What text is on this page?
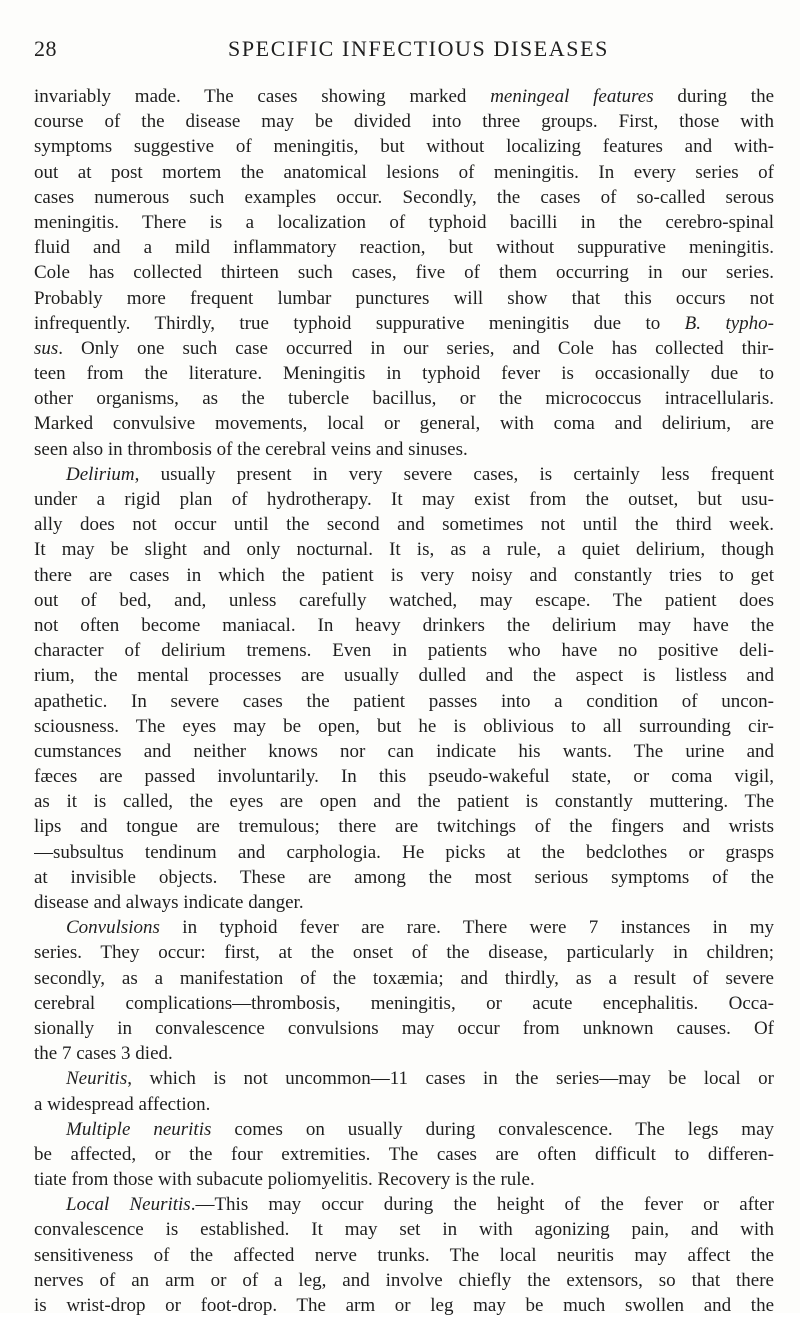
28	SPECIFIC INFECTIOUS DISEASES
invariably made. The cases showing marked meningeal features during the
course of the disease may be divided into three groups. First, those with
symptoms suggestive of meningitis, but without localizing features and with-
out at post mortem the anatomical lesions of meningitis. In every series of
cases numerous such examples occur. Secondly, the cases of so-called serous
meningitis. There is a localization of typhoid bacilli in the cerebro-spinal
fluid and a mild inflammatory reaction, but without suppurative meningitis.
Cole has collected thirteen such cases, five of them occurring in our series.
Probably more frequent lumbar punctures will show that this occurs not
infrequently. Thirdly, true typhoid suppurative meningitis due to B. typho-
sus. Only one such case occurred in our series, and Cole has collected thir-
teen from the literature. Meningitis in typhoid fever is occasionally due to
other organisms, as the tubercle bacillus, or the micrococcus intracellularis.
Marked convulsive movements, local or general, with coma and delirium, are
seen also in thrombosis of the cerebral veins and sinuses.
Delirium, usually present in very severe cases, is certainly less frequent
under a rigid plan of hydrotherapy. It may exist from the outset, but usu-
ally does not occur until the second and sometimes not until the third week.
It may be slight and only nocturnal. It is, as a rule, a quiet delirium, though
there are cases in which the patient is very noisy and constantly tries to get
out of bed, and, unless carefully watched, may escape. The patient does
not often become maniacal. In heavy drinkers the delirium may have the
character of delirium tremens. Even in patients who have no positive deli-
rium, the mental processes are usually dulled and the aspect is listless and
apathetic. In severe cases the patient passes into a condition of uncon-
sciousness. The eyes may be open, but he is oblivious to all surrounding cir-
cumstances and neither knows nor can indicate his wants. The urine and
fæces are passed involuntarily. In this pseudo-wakeful state, or coma vigil,
as it is called, the eyes are open and the patient is constantly muttering. The
lips and tongue are tremulous; there are twitchings of the fingers and wrists
—subsultus tendinum and carphologia. He picks at the bedclothes or grasps
at invisible objects. These are among the most serious symptoms of the
disease and always indicate danger.
Convulsions in typhoid fever are rare. There were 7 instances in my
series. They occur: first, at the onset of the disease, particularly in children;
secondly, as a manifestation of the toxæmia; and thirdly, as a result of severe
cerebral complications—thrombosis, meningitis, or acute encephalitis. Occa-
sionally in convalescence convulsions may occur from unknown causes. Of
the 7 cases 3 died.
Neuritis, which is not uncommon—11 cases in the series—may be local or
a widespread affection.
Multiple neuritis comes on usually during convalescence. The legs may
be affected, or the four extremities. The cases are often difficult to differen-
tiate from those with subacute poliomyelitis. Recovery is the rule.
Local Neuritis.—This may occur during the height of the fever or after
convalescence is established. It may set in with agonizing pain, and with
sensitiveness of the affected nerve trunks. The local neuritis may affect the
nerves of an arm or of a leg, and involve chiefly the extensors, so that there
is wrist-drop or foot-drop. The arm or leg may be much swollen and the
